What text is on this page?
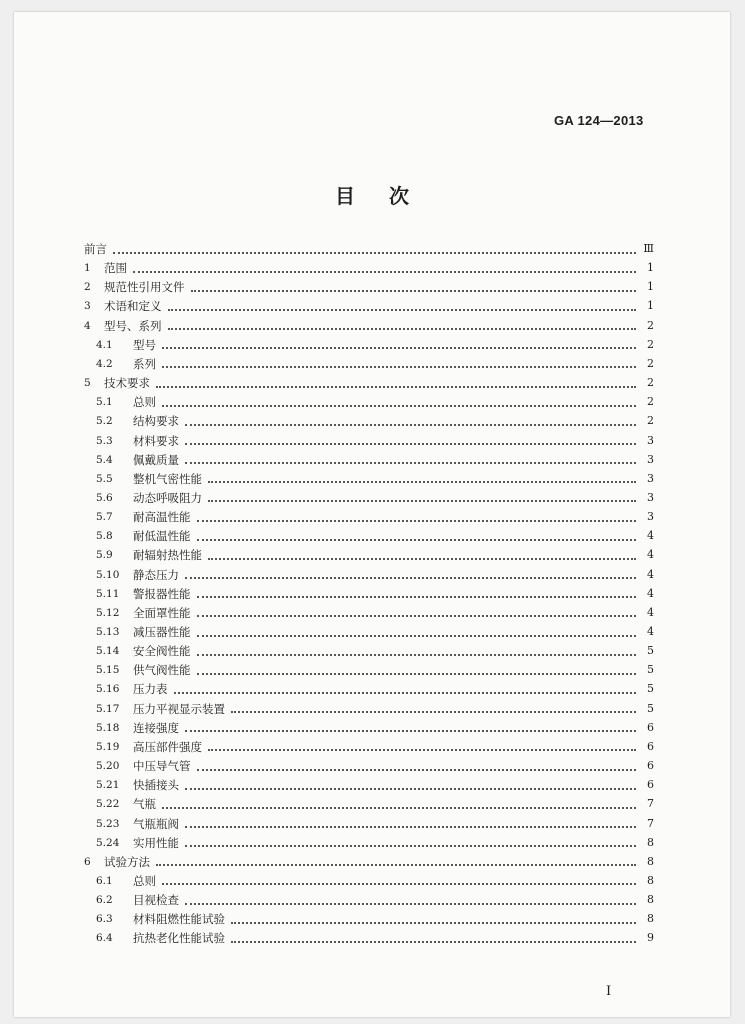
GA 124—2013
目次
前言	Ⅲ
1	范围	1
2	规范性引用文件	1
3	术语和定义	1
4	型号、系列	2
4.1	型号	2
4.2	系列	2
5	技术要求	2
5.1	总则	2
5.2	结构要求	2
5.3	材料要求	3
5.4	佩戴质量	3
5.5	整机气密性能	3
5.6	动态呼吸阻力	3
5.7	耐高温性能	3
5.8	耐低温性能	4
5.9	耐辐射热性能	4
5.10	静态压力	4
5.11	警报器性能	4
5.12	全面罩性能	4
5.13	减压器性能	4
5.14	安全阀性能	5
5.15	供气阀性能	5
5.16	压力表	5
5.17	压力平视显示装置	5
5.18	连接强度	6
5.19	高压部件强度	6
5.20	中压导气管	6
5.21	快插接头	6
5.22	气瓶	7
5.23	气瓶瓶阀	7
5.24	实用性能	8
6	试验方法	8
6.1	总则	8
6.2	目视检查	8
6.3	材料阻燃性能试验	8
6.4	抗热老化性能试验	9
I
